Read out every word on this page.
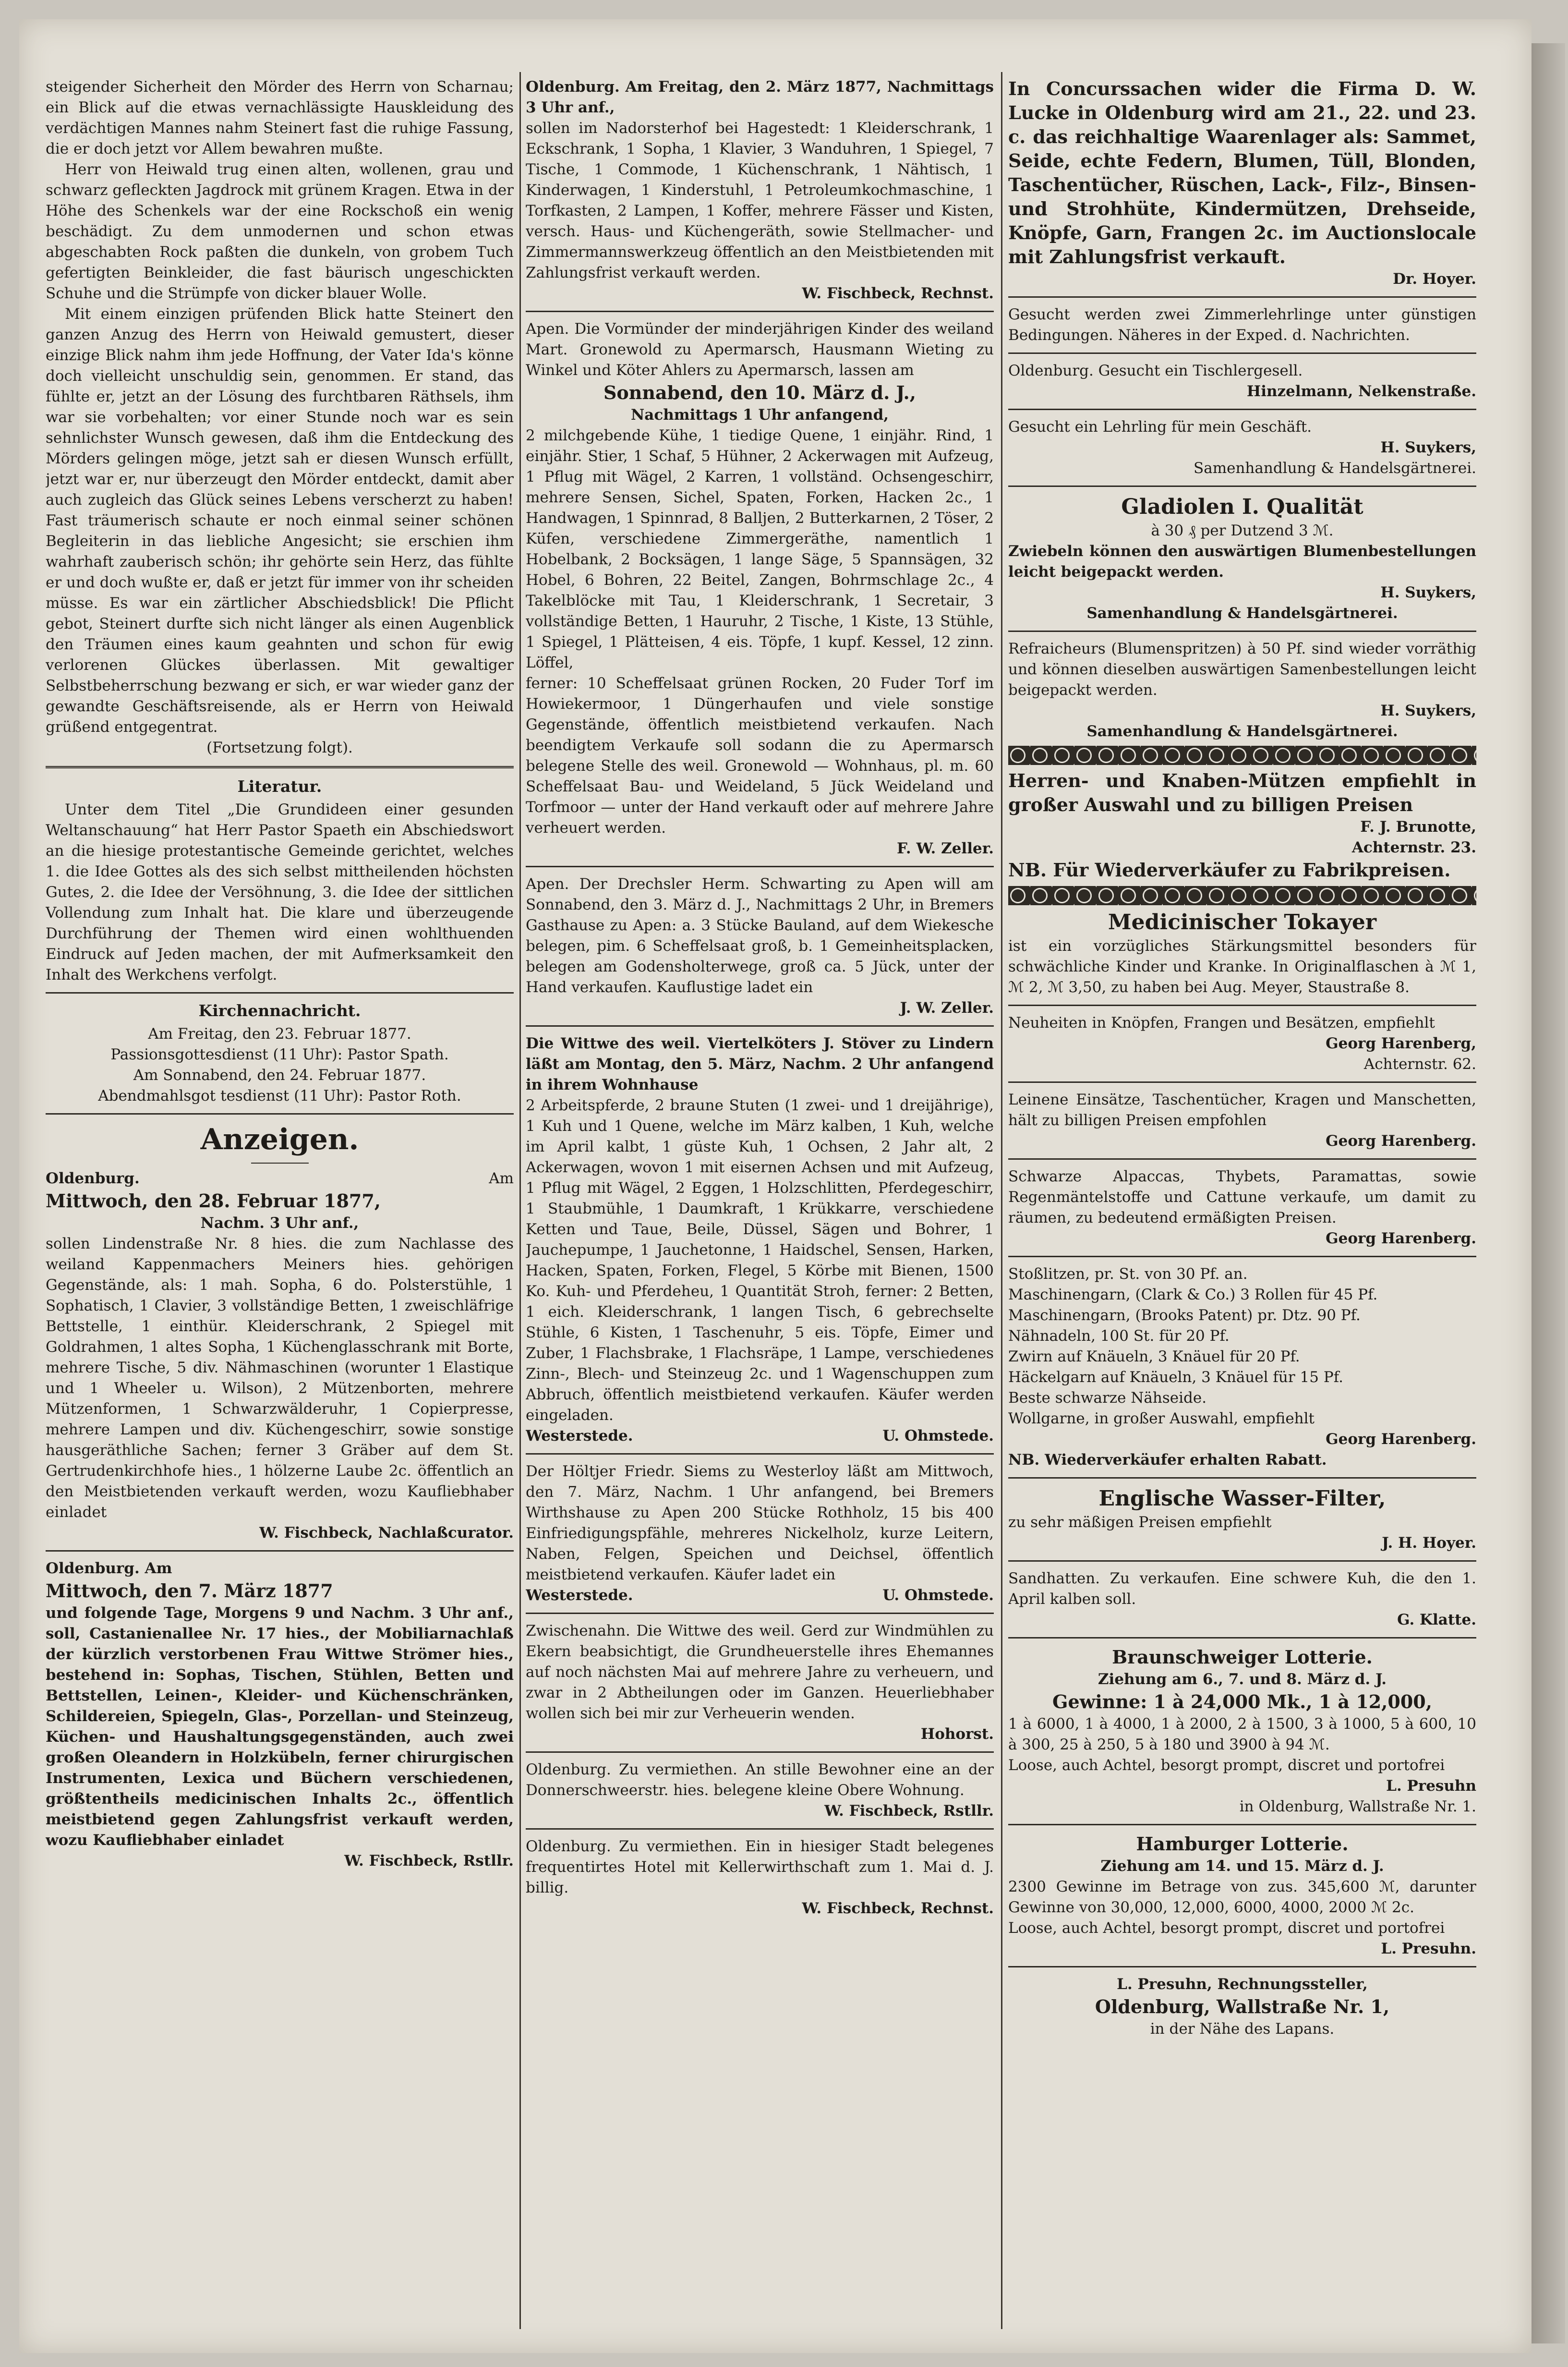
steigender Sicherheit den Mörder des Herrn von Scharnau; ein Blick auf die etwas vernachlässigte Hauskleidung des verdächtigen Mannes nahm Steinert fast die ruhige Fassung, die er doch jetzt vor Allem bewahren mußte.

Herr von Heiwald trug einen alten, wollenen, grau und schwarz gefleckten Jagdrock mit grünem Kragen. Etwa in der Höhe des Schenkels war der eine Rockschoß ein wenig beschädigt. Zu dem unmodernen und schon etwas abgeschabten Rock paßten die dunkeln, von grobem Tuch gefertigten Beinkleider, die fast bäurisch ungeschickten Schuhe und die Strümpfe von dicker blauer Wolle.

Mit einem einzigen prüfenden Blick hatte Steinert den ganzen Anzug des Herrn von Heiwald gemustert, dieser einzige Blick nahm ihm jede Hoffnung, der Vater Ida's könne doch vielleicht unschuldig sein, genommen. Er stand, das fühlte er, jetzt an der Lösung des furchtbaren Räthsels, ihm war sie vorbehalten; vor einer Stunde noch war es sein sehnlichster Wunsch gewesen, daß ihm die Entdeckung des Mörders gelingen möge, jetzt sah er diesen Wunsch erfüllt, jetzt war er, nur überzeugt den Mörder entdeckt, damit aber auch zugleich das Glück seines Lebens verscherzt zu haben! Fast träumerisch schaute er noch einmal seiner schönen Begleiterin in das liebliche Angesicht; sie erschien ihm wahrhaft zauberisch schön; ihr gehörte sein Herz, das fühlte er und doch wußte er, daß er jetzt für immer von ihr scheiden müsse. Es war ein zärtlicher Abschiedsblick! Die Pflicht gebot, Steinert durfte sich nicht länger als einen Augenblick den Träumen eines kaum geahnten und schon für ewig verlorenen Glückes überlassen. Mit gewaltiger Selbstbeherrschung bezwang er sich, er war wieder ganz der gewandte Geschäftsreisende, als er Herrn von Heiwald grüßend entgegentrat.

(Fortsetzung folgt).

Literatur.

Unter dem Titel „Die Grundideen einer gesunden Weltanschauung“ hat Herr Pastor Spaeth ein Abschiedswort an die hiesige protestantische Gemeinde gerichtet, welches 1. die Idee Gottes als des sich selbst mittheilenden höchsten Gutes, 2. die Idee der Versöhnung, 3. die Idee der sittlichen Vollendung zum Inhalt hat. Die klare und überzeugende Durchführung der Themen wird einen wohlthuenden Eindruck auf Jeden machen, der mit Aufmerksamkeit den Inhalt des Werkchens verfolgt.

Kirchennachricht.

Am Freitag, den 23. Februar 1877.

Passionsgottesdienst (11 Uhr): Pastor Spath.

Am Sonnabend, den 24. Februar 1877.

Abendmahlsgot tesdienst (11 Uhr): Pastor Roth.

Anzeigen.

Oldenburg.	Am

Mittwoch, den 28. Februar 1877,

Nachm. 3 Uhr anf.,

sollen Lindenstraße Nr. 8 hies. die zum Nachlasse des weiland Kappenmachers Meiners hies. gehörigen Gegenstände, als: 1 mah. Sopha, 6 do. Polsterstühle, 1 Sophatisch, 1 Clavier, 3 vollständige Betten, 1 zweischläfrige Bettstelle, 1 einthür. Kleiderschrank, 2 Spiegel mit Goldrahmen, 1 altes Sopha, 1 Küchenglasschrank mit Borte, mehrere Tische, 5 div. Nähmaschinen (worunter 1 Elastique und 1 Wheeler u. Wilson), 2 Mützenborten, mehrere Mützenformen, 1 Schwarzwälderuhr, 1 Copierpresse, mehrere Lampen und div. Küchengeschirr, sowie sonstige hausgeräthliche Sachen; ferner 3 Gräber auf dem St. Gertrudenkirchhofe hies., 1 hölzerne Laube 2c. öffentlich an den Meistbietenden verkauft werden, wozu Kaufliebhaber einladet

W. Fischbeck, Nachlaßcurator.

Oldenburg. Am

Mittwoch, den 7. März 1877

und folgende Tage, Morgens 9 und Nachm. 3 Uhr anf., soll, Castanienallee Nr. 17 hies., der Mobiliarnachlaß der kürzlich verstorbenen Frau Wittwe Strömer hies., bestehend in: Sophas, Tischen, Stühlen, Betten und Bettstellen, Leinen-, Kleider- und Küchenschränken, Schildereien, Spiegeln, Glas-, Porzellan- und Steinzeug, Küchen- und Haushaltungsgegenständen, auch zwei großen Oleandern in Holzkübeln, ferner chirurgischen Instrumenten, Lexica und Büchern verschiedenen, größtentheils medicinischen Inhalts 2c., öffentlich meistbietend gegen Zahlungsfrist verkauft werden, wozu Kaufliebhaber einladet

W. Fischbeck, Rstllr.

Oldenburg. Am Freitag, den 2. März 1877, Nachmittags 3 Uhr anf.,

sollen im Nadorsterhof bei Hagestedt: 1 Kleiderschrank, 1 Eckschrank, 1 Sopha, 1 Klavier, 3 Wanduhren, 1 Spiegel, 7 Tische, 1 Commode, 1 Küchenschrank, 1 Nähtisch, 1 Kinderwagen, 1 Kinderstuhl, 1 Petroleumkochmaschine, 1 Torfkasten, 2 Lampen, 1 Koffer, mehrere Fässer und Kisten, versch. Haus- und Küchengeräth, sowie Stellmacher- und Zimmermannswerkzeug öffentlich an den Meistbietenden mit Zahlungsfrist verkauft werden.

W. Fischbeck, Rechnst.

Apen. Die Vormünder der minderjährigen Kinder des weiland Mart. Gronewold zu Apermarsch, Hausmann Wieting zu Winkel und Köter Ahlers zu Apermarsch, lassen am

Sonnabend, den 10. März d. J.,

Nachmittags 1 Uhr anfangend,

2 milchgebende Kühe, 1 tiedige Quene, 1 einjähr. Rind, 1 einjähr. Stier, 1 Schaf, 5 Hühner, 2 Ackerwagen mit Aufzeug, 1 Pflug mit Wägel, 2 Karren, 1 vollständ. Ochsengeschirr, mehrere Sensen, Sichel, Spaten, Forken, Hacken 2c., 1 Handwagen, 1 Spinnrad, 8 Balljen, 2 Butterkarnen, 2 Töser, 2 Küfen, verschiedene Zimmergeräthe, namentlich 1 Hobelbank, 2 Bocksägen, 1 lange Säge, 5 Spannsägen, 32 Hobel, 6 Bohren, 22 Beitel, Zangen, Bohrmschlage 2c., 4 Takelblöcke mit Tau, 1 Kleiderschrank, 1 Secretair, 3 vollständige Betten, 1 Hauruhr, 2 Tische, 1 Kiste, 13 Stühle, 1 Spiegel, 1 Plätteisen, 4 eis. Töpfe, 1 kupf. Kessel, 12 zinn. Löffel,

ferner: 10 Scheffelsaat grünen Rocken, 20 Fuder Torf im Howiekermoor, 1 Düngerhaufen und viele sonstige Gegenstände, öffentlich meistbietend verkaufen. Nach beendigtem Verkaufe soll sodann die zu Apermarsch belegene Stelle des weil. Gronewold — Wohnhaus, pl. m. 60 Scheffelsaat Bau- und Weideland, 5 Jück Weideland und Torfmoor — unter der Hand verkauft oder auf mehrere Jahre verheuert werden.

F. W. Zeller.

Apen. Der Drechsler Herm. Schwarting zu Apen will am Sonnabend, den 3. März d. J., Nachmittags 2 Uhr, in Bremers Gasthause zu Apen: a. 3 Stücke Bauland, auf dem Wiekesche belegen, pim. 6 Scheffelsaat groß, b. 1 Gemeinheitsplacken, belegen am Godensholterwege, groß ca. 5 Jück, unter der Hand verkaufen. Kauflustige ladet ein

J. W. Zeller.

Die Wittwe des weil. Viertelköters J. Stöver zu Lindern läßt am Montag, den 5. März, Nachm. 2 Uhr anfangend in ihrem Wohnhause

2 Arbeitspferde, 2 braune Stuten (1 zwei- und 1 dreijährige), 1 Kuh und 1 Quene, welche im März kalben, 1 Kuh, welche im April kalbt, 1 güste Kuh, 1 Ochsen, 2 Jahr alt, 2 Ackerwagen, wovon 1 mit eisernen Achsen und mit Aufzeug, 1 Pflug mit Wägel, 2 Eggen, 1 Holzschlitten, Pferdegeschirr, 1 Staubmühle, 1 Daumkraft, 1 Krükkarre, verschiedene Ketten und Taue, Beile, Düssel, Sägen und Bohrer, 1 Jauchepumpe, 1 Jauchetonne, 1 Haidschel, Sensen, Harken, Hacken, Spaten, Forken, Flegel, 5 Körbe mit Bienen, 1500 Ko. Kuh- und Pferdeheu, 1 Quantität Stroh, ferner: 2 Betten, 1 eich. Kleiderschrank, 1 langen Tisch, 6 gebrechselte Stühle, 6 Kisten, 1 Taschenuhr, 5 eis. Töpfe, Eimer und Zuber, 1 Flachsbrake, 1 Flachsräpe, 1 Lampe, verschiedenes Zinn-, Blech- und Steinzeug 2c. und 1 Wagenschuppen zum Abbruch, öffentlich meistbietend verkaufen. Käufer werden eingeladen.

Westerstede.	U. Ohmstede.

Der Höltjer Friedr. Siems zu Westerloy läßt am Mittwoch, den 7. März, Nachm. 1 Uhr anfangend, bei Bremers Wirthshause zu Apen 200 Stücke Rothholz, 15 bis 400 Einfriedigungspfähle, mehreres Nickelholz, kurze Leitern, Naben, Felgen, Speichen und Deichsel, öffentlich meistbietend verkaufen. Käufer ladet ein

Westerstede.	U. Ohmstede.

Zwischenahn. Die Wittwe des weil. Gerd zur Windmühlen zu Ekern beabsichtigt, die Grundheuerstelle ihres Ehemannes auf noch nächsten Mai auf mehrere Jahre zu verheuern, und zwar in 2 Abtheilungen oder im Ganzen. Heuerliebhaber wollen sich bei mir zur Verheuerin wenden.

Hohorst.

Oldenburg. Zu vermiethen. An stille Bewohner eine an der Donnerschweerstr. hies. belegene kleine Obere Wohnung.

W. Fischbeck, Rstllr.

Oldenburg. Zu vermiethen. Ein in hiesiger Stadt belegenes frequentirtes Hotel mit Kellerwirthschaft zum 1. Mai d. J. billig.

W. Fischbeck, Rechnst.

In Concurssachen wider die Firma D. W. Lucke in Oldenburg wird am 21., 22. und 23. c. das reichhaltige Waarenlager als: Sammet, Seide, echte Federn, Blumen, Tüll, Blonden, Taschentücher, Rüschen, Lack-, Filz-, Binsen- und Strohhüte, Kindermützen, Drehseide, Knöpfe, Garn, Frangen 2c. im Auctionslocale mit Zahlungsfrist verkauft.

Dr. Hoyer.

Gesucht werden zwei Zimmerlehrlinge unter günstigen Bedingungen. Näheres in der Exped. d. Nachrichten.

Oldenburg. Gesucht ein Tischlergesell.

Hinzelmann, Nelkenstraße.

Gesucht ein Lehrling für mein Geschäft.

H. Suykers,

Samenhandlung & Handelsgärtnerei.

Gladiolen I. Qualität

à 30 ₰ per Dutzend 3 ℳ.

Zwiebeln können den auswärtigen Blumenbestellungen leicht beigepackt werden.

H. Suykers,

Samenhandlung & Handelsgärtnerei.

Refraicheurs (Blumenspritzen) à 50 Pf. sind wieder vorräthig und können dieselben auswärtigen Samenbestellungen leicht beigepackt werden.

H. Suykers,

Samenhandlung & Handelsgärtnerei.

Herren- und Knaben-Mützen empfiehlt in großer Auswahl und zu billigen Preisen

F. J. Brunotte,

Achternstr. 23.

NB. Für Wiederverkäufer zu Fabrikpreisen.

Medicinischer Tokayer

ist ein vorzügliches Stärkungsmittel besonders für schwächliche Kinder und Kranke. In Originalflaschen à ℳ 1, ℳ 2, ℳ 3,50, zu haben bei Aug. Meyer, Staustraße 8.

Neuheiten in Knöpfen, Frangen und Besätzen, empfiehlt

Georg Harenberg,

Achternstr. 62.

Leinene Einsätze, Taschentücher, Kragen und Manschetten, hält zu billigen Preisen empfohlen

Georg Harenberg.

Schwarze Alpaccas, Thybets, Paramattas, sowie Regenmäntelstoffe und Cattune verkaufe, um damit zu räumen, zu bedeutend ermäßigten Preisen.

Georg Harenberg.

Stoßlitzen, pr. St. von 30 Pf. an.

Maschinengarn, (Clark & Co.) 3 Rollen für 45 Pf.

Maschinengarn, (Brooks Patent) pr. Dtz. 90 Pf.

Nähnadeln, 100 St. für 20 Pf.

Zwirn auf Knäueln, 3 Knäuel für 20 Pf.

Häckelgarn auf Knäueln, 3 Knäuel für 15 Pf.

Beste schwarze Nähseide.

Wollgarne, in großer Auswahl, empfiehlt

Georg Harenberg.

NB. Wiederverkäufer erhalten Rabatt.

Englische Wasser-Filter,

zu sehr mäßigen Preisen empfiehlt

J. H. Hoyer.

Sandhatten. Zu verkaufen. Eine schwere Kuh, die den 1. April kalben soll.

G. Klatte.

Braunschweiger Lotterie.

Ziehung am 6., 7. und 8. März d. J.

Gewinne: 1 à 24,000 Mk., 1 à 12,000,

1 à 6000, 1 à 4000, 1 à 2000, 2 à 1500, 3 à 1000, 5 à 600, 10 à 300, 25 à 250, 5 à 180 und 3900 à 94 ℳ.

Loose, auch Achtel, besorgt prompt, discret und portofrei

L. Presuhn

in Oldenburg, Wallstraße Nr. 1.

Hamburger Lotterie.

Ziehung am 14. und 15. März d. J.

2300 Gewinne im Betrage von zus. 345,600 ℳ, darunter Gewinne von 30,000, 12,000, 6000, 4000, 2000 ℳ 2c.

Loose, auch Achtel, besorgt prompt, discret und portofrei

L. Presuhn.

L. Presuhn, Rechnungssteller,

Oldenburg, Wallstraße Nr. 1,

in der Nähe des Lapans.
